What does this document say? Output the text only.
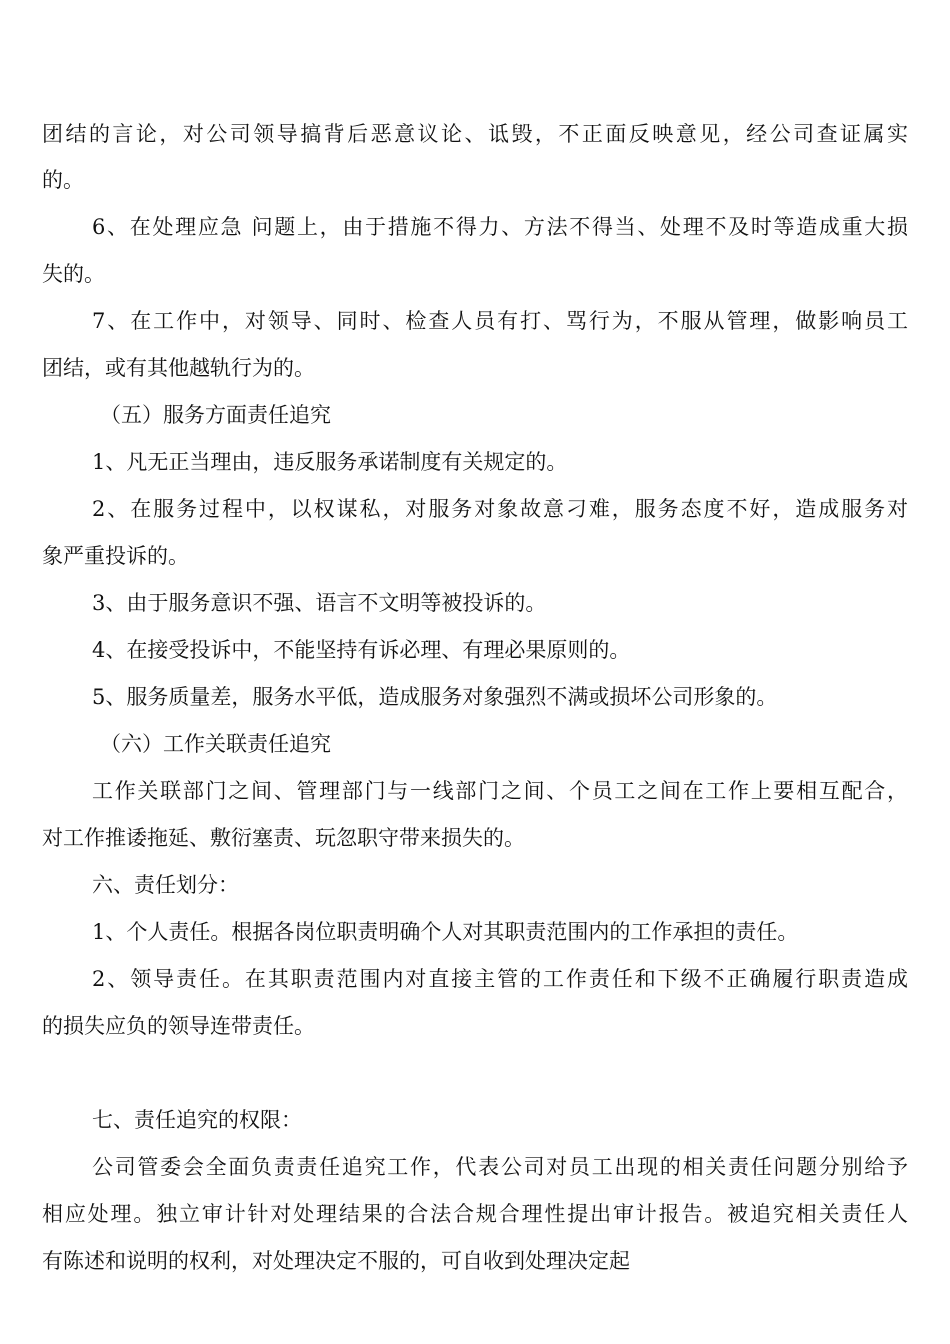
团结的言论，对公司领导搞背后恶意议论、诋毁，不正面反映意见，经公司查证属实
的。
6、在处理应急 问题上，由于措施不得力、方法不得当、处理不及时等造成重大损
失的。
7、在工作中，对领导、同时、检查人员有打、骂行为，不服从管理，做影响员工
团结，或有其他越轨行为的。
（五）服务方面责任追究
1、凡无正当理由，违反服务承诺制度有关规定的。
2、在服务过程中，以权谋私，对服务对象故意刁难，服务态度不好，造成服务对
象严重投诉的。
3、由于服务意识不强、语言不文明等被投诉的。
4、在接受投诉中，不能坚持有诉必理、有理必果原则的。
5、服务质量差，服务水平低，造成服务对象强烈不满或损坏公司形象的。
（六）工作关联责任追究
工作关联部门之间、管理部门与一线部门之间、个员工之间在工作上要相互配合，
对工作推诿拖延、敷衍塞责、玩忽职守带来损失的。
六、责任划分：
1、个人责任。根据各岗位职责明确个人对其职责范围内的工作承担的责任。
2、领导责任。在其职责范围内对直接主管的工作责任和下级不正确履行职责造成
的损失应负的领导连带责任。
七、责任追究的权限：
公司管委会全面负责责任追究工作，代表公司对员工出现的相关责任问题分别给予
相应处理。独立审计针对处理结果的合法合规合理性提出审计报告。被追究相关责任人
有陈述和说明的权利，对处理决定不服的，可自收到处理决定起
